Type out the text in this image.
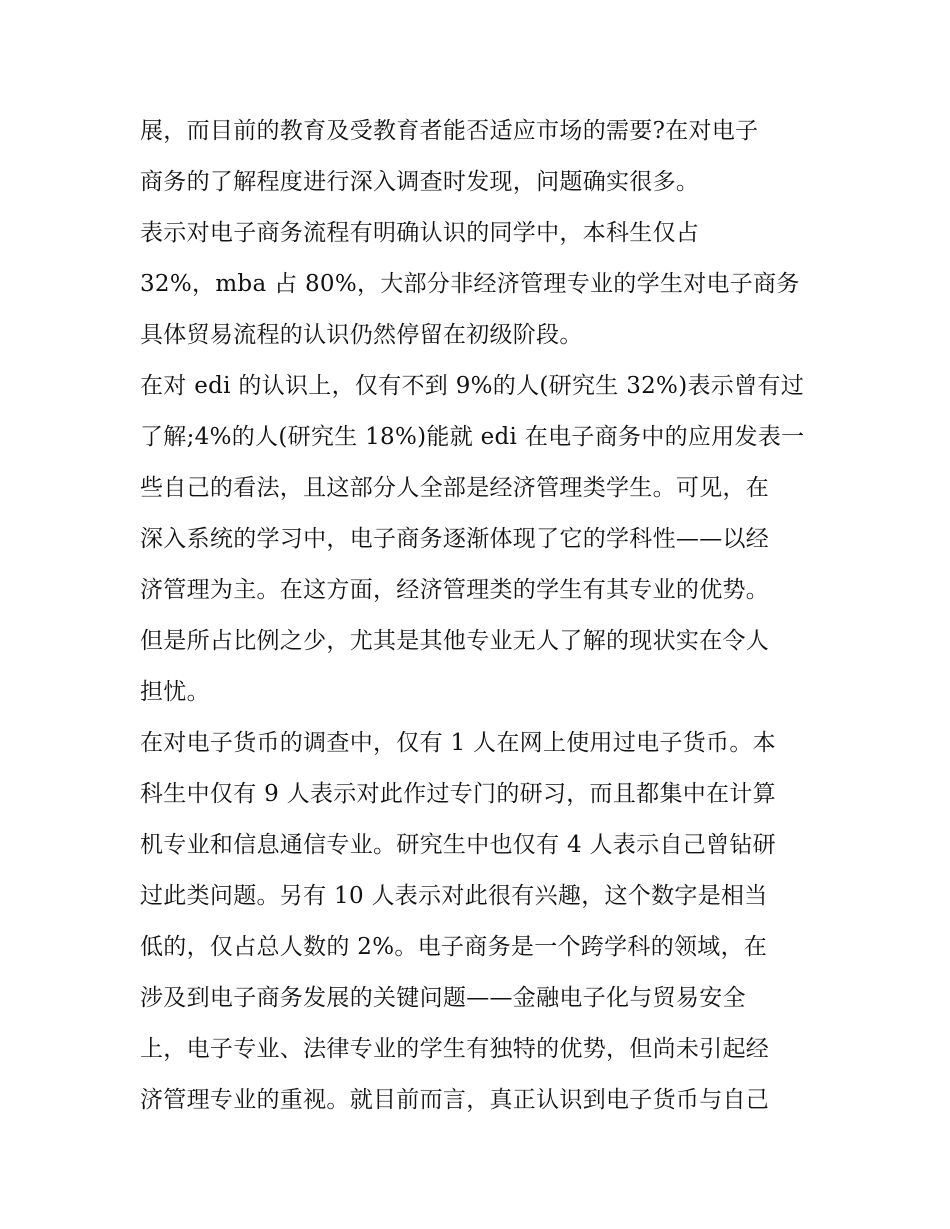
展，而目前的教育及受教育者能否适应市场的需要?在对电子
商务的了解程度进行深入调查时发现，问题确实很多。
表示对电子商务流程有明确认识的同学中，本科生仅占
32%，mba 占 80%，大部分非经济管理专业的学生对电子商务
具体贸易流程的认识仍然停留在初级阶段。
在对 edi 的认识上，仅有不到 9%的人(研究生 32%)表示曾有过
了解;4%的人(研究生 18%)能就 edi 在电子商务中的应用发表一
些自己的看法，且这部分人全部是经济管理类学生。可见，在
深入系统的学习中，电子商务逐渐体现了它的学科性——以经
济管理为主。在这方面，经济管理类的学生有其专业的优势。
但是所占比例之少，尤其是其他专业无人了解的现状实在令人
担忧。
在对电子货币的调查中，仅有 1 人在网上使用过电子货币。本
科生中仅有 9 人表示对此作过专门的研习，而且都集中在计算
机专业和信息通信专业。研究生中也仅有 4 人表示自己曾钻研
过此类问题。另有 10 人表示对此很有兴趣，这个数字是相当
低的，仅占总人数的 2%。电子商务是一个跨学科的领域，在
涉及到电子商务发展的关键问题——金融电子化与贸易安全
上，电子专业、法律专业的学生有独特的优势，但尚未引起经
济管理专业的重视。就目前而言，真正认识到电子货币与自己
